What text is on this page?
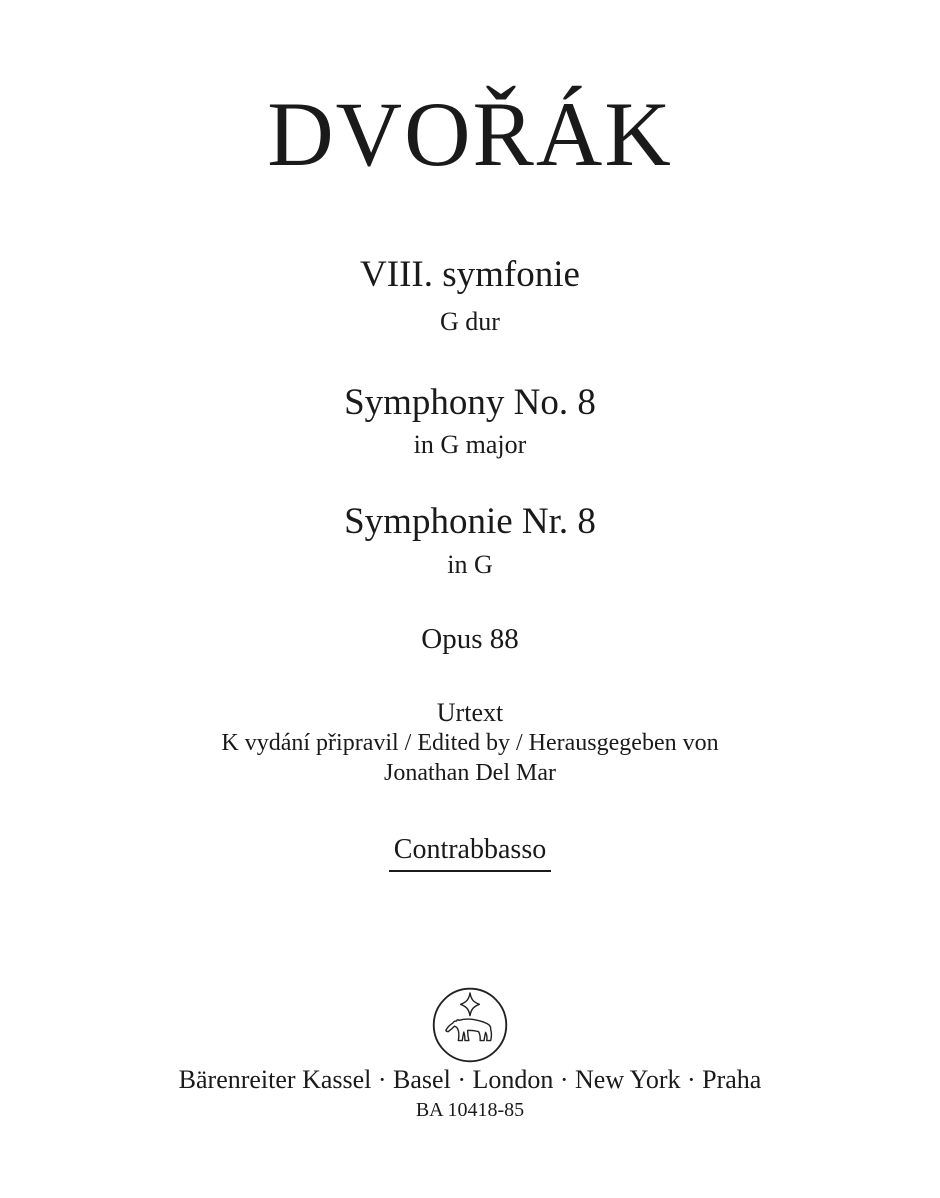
DVOŘÁK
VIII. symfonie
G dur
Symphony No. 8
in G major
Symphonie Nr. 8
in G
Opus 88
Urtext
K vydání připravil / Edited by / Herausgegeben von
Jonathan Del Mar
Contrabbasso
Bärenreiter Kassel · Basel · London · New York · Praha
BA 10418-85
